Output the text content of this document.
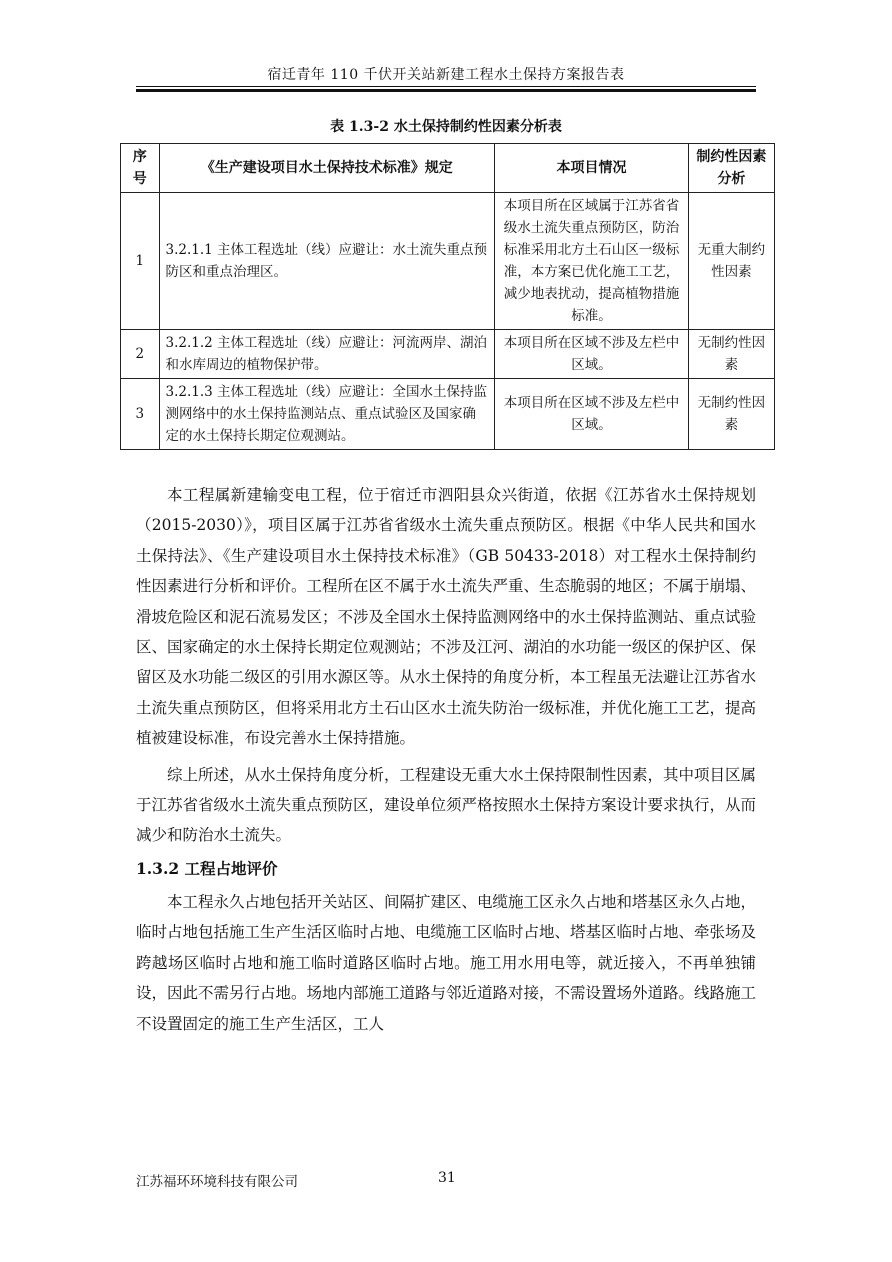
宿迁青年 110 千伏开关站新建工程水土保持方案报告表
表 1.3-2 水土保持制约性因素分析表
序号	《生产建设项目水土保持技术标准》规定	本项目情况	制约性因素分析
1	3.2.1.1 主体工程选址（线）应避让：水土流失重点预防区和重点治理区。	本项目所在区域属于江苏省省级水土流失重点预防区，防治标准采用北方土石山区一级标准，本方案已优化施工工艺，减少地表扰动，提高植物措施标准。	无重大制约性因素
2	3.2.1.2 主体工程选址（线）应避让：河流两岸、湖泊和水库周边的植物保护带。	本项目所在区域不涉及左栏中区域。	无制约性因素
3	3.2.1.3 主体工程选址（线）应避让：全国水土保持监测网络中的水土保持监测站点、重点试验区及国家确定的水土保持长期定位观测站。	本项目所在区域不涉及左栏中区域。	无制约性因素

本工程属新建输变电工程，位于宿迁市泗阳县众兴街道，依据《江苏省水土保持规划（2015-2030）》，项目区属于江苏省省级水土流失重点预防区。根据《中华人民共和国水土保持法》、《生产建设项目水土保持技术标准》（GB 50433-2018）对工程水土保持制约性因素进行分析和评价。工程所在区不属于水土流失严重、生态脆弱的地区；不属于崩塌、滑坡危险区和泥石流易发区；不涉及全国水土保持监测网络中的水土保持监测站、重点试验区、国家确定的水土保持长期定位观测站；不涉及江河、湖泊的水功能一级区的保护区、保留区及水功能二级区的引用水源区等。从水土保持的角度分析，本工程虽无法避让江苏省水土流失重点预防区，但将采用北方土石山区水土流失防治一级标准，并优化施工工艺，提高植被建设标准，布设完善水土保持措施。

综上所述，从水土保持角度分析，工程建设无重大水土保持限制性因素，其中项目区属于江苏省省级水土流失重点预防区，建设单位须严格按照水土保持方案设计要求执行，从而减少和防治水土流失。

1.3.2 工程占地评价

本工程永久占地包括开关站区、间隔扩建区、电缆施工区永久占地和塔基区永久占地，临时占地包括施工生产生活区临时占地、电缆施工区临时占地、塔基区临时占地、牵张场及跨越场区临时占地和施工临时道路区临时占地。施工用水用电等，就近接入，不再单独铺设，因此不需另行占地。场地内部施工道路与邻近道路对接，不需设置场外道路。线路施工不设置固定的施工生产生活区，工人

江苏福环环境科技有限公司	31
